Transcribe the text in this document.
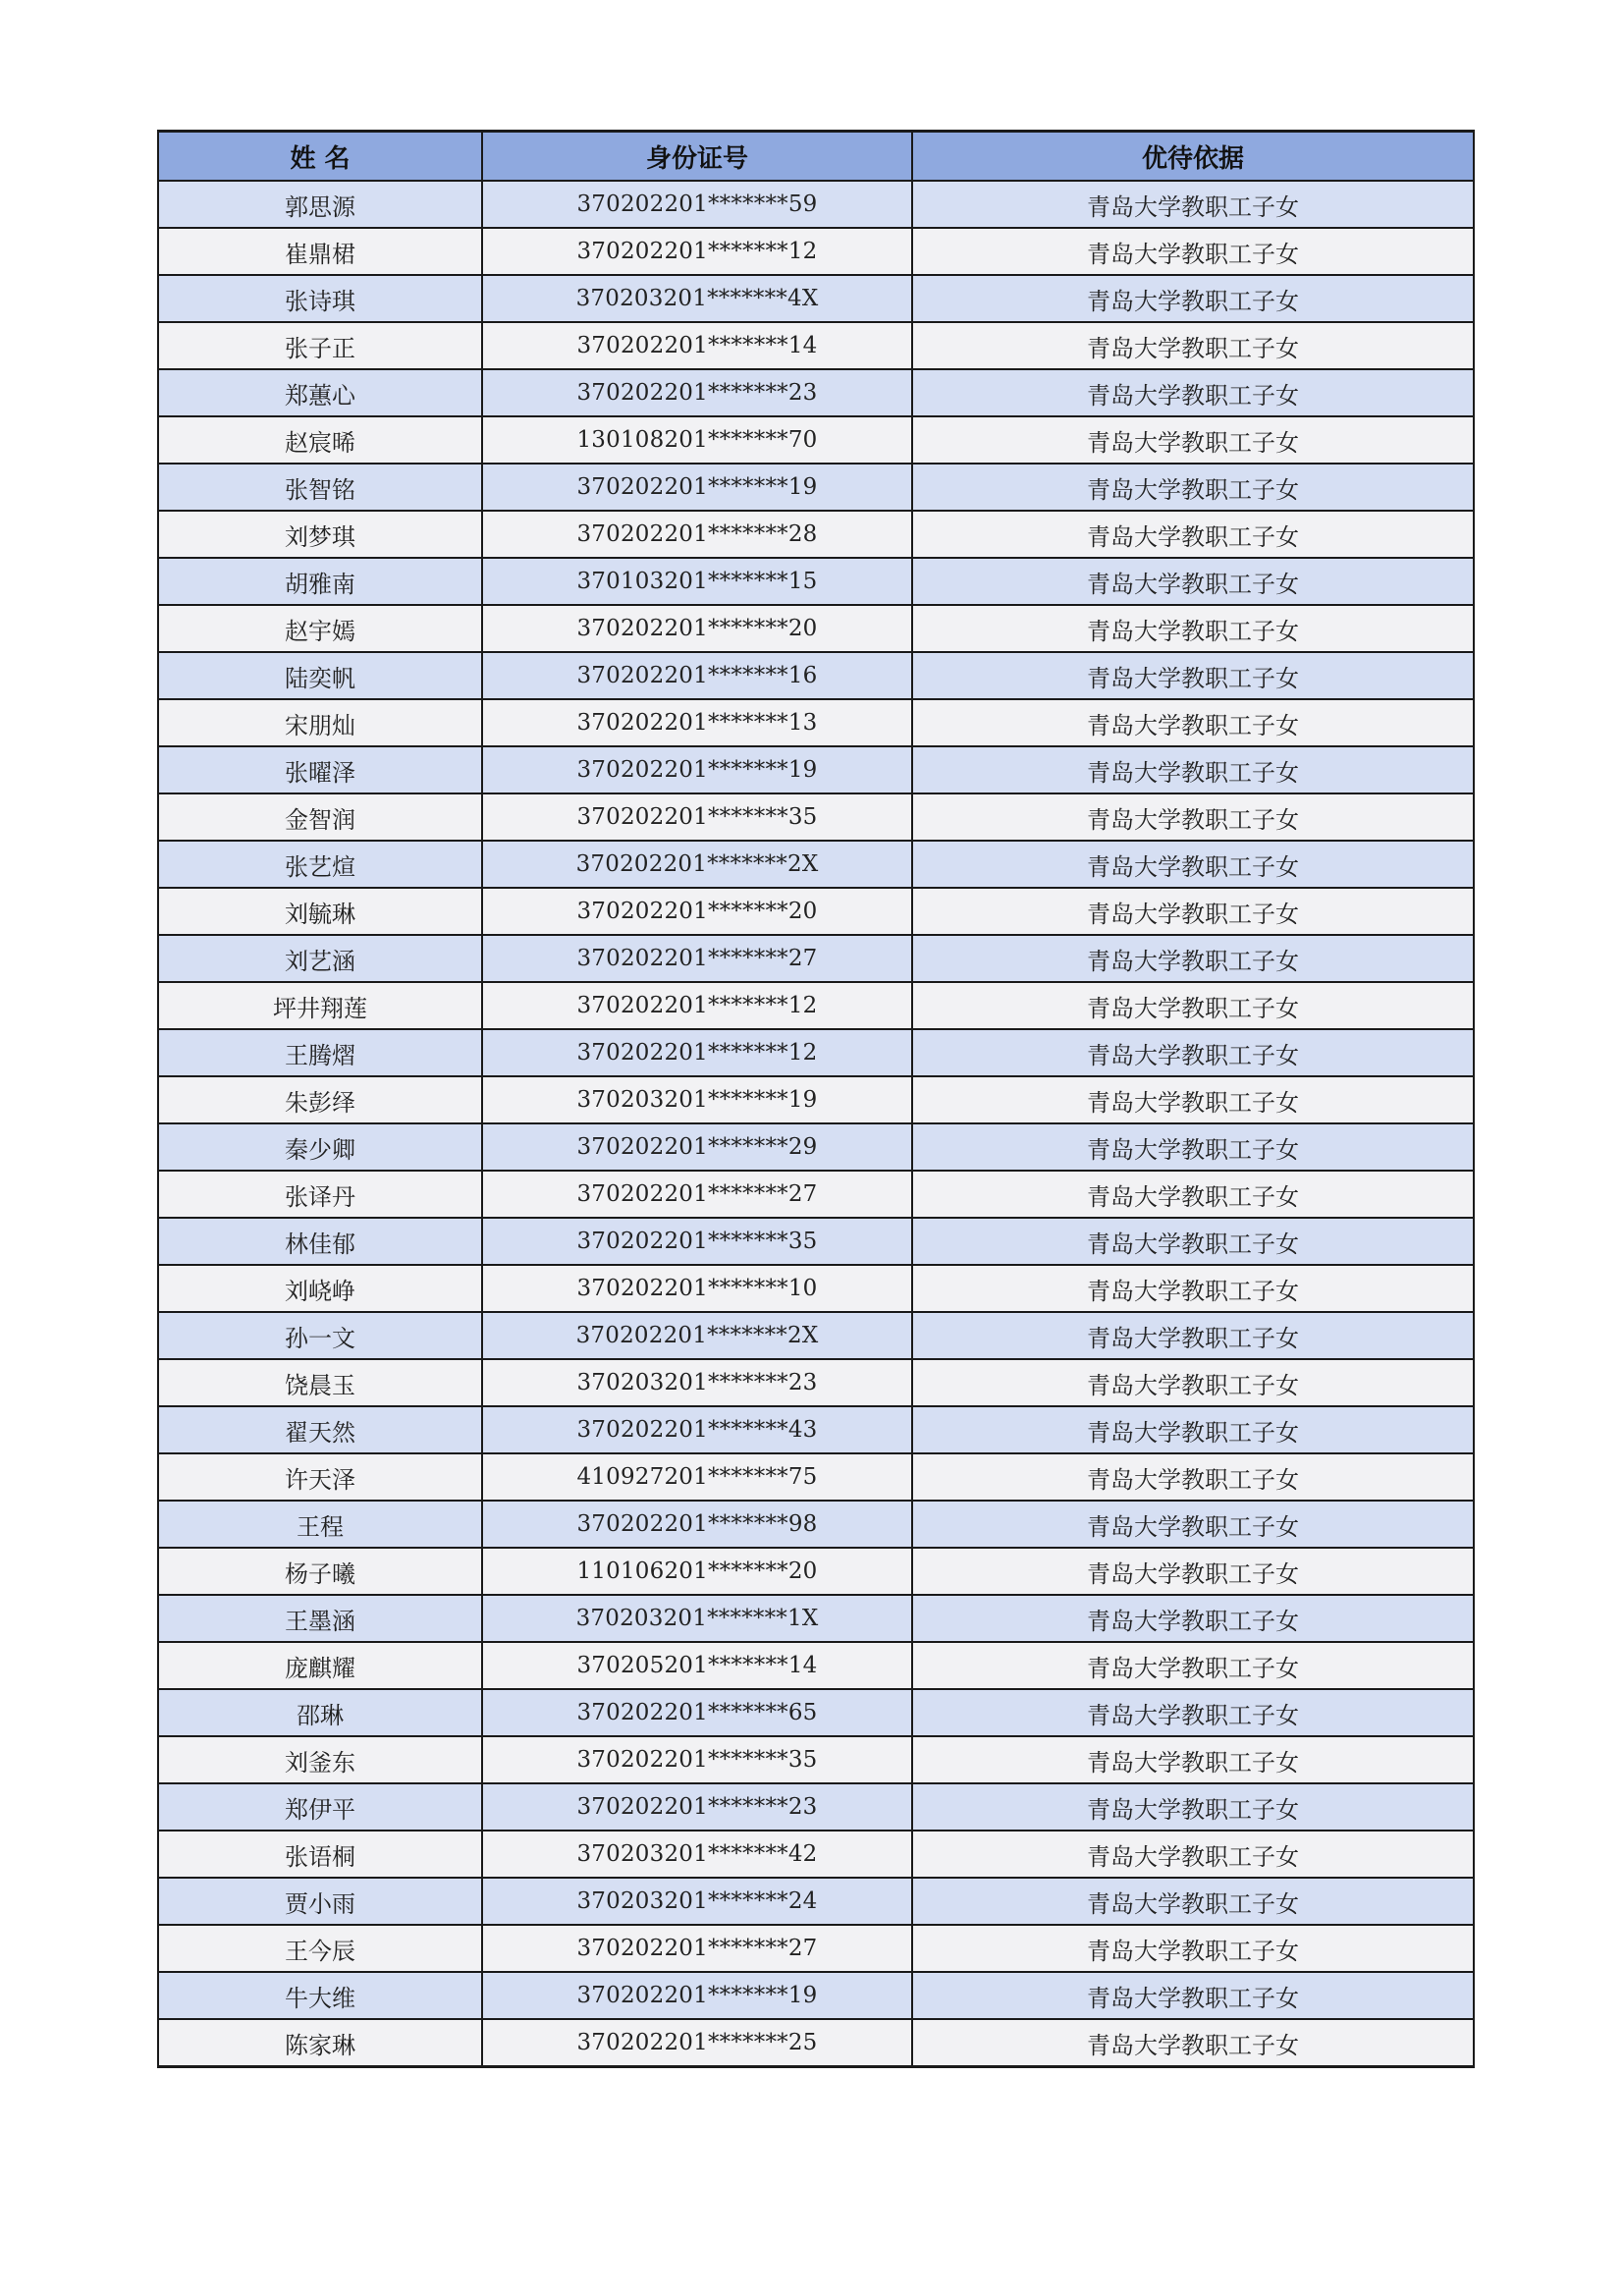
姓 名	身份证号	优待依据
郭思源	370202201*******59	青岛大学教职工子女
崔鼎桾	370202201*******12	青岛大学教职工子女
张诗琪	370203201*******4X	青岛大学教职工子女
张子正	370202201*******14	青岛大学教职工子女
郑蕙心	370202201*******23	青岛大学教职工子女
赵宸晞	130108201*******70	青岛大学教职工子女
张智铭	370202201*******19	青岛大学教职工子女
刘梦琪	370202201*******28	青岛大学教职工子女
胡雅南	370103201*******15	青岛大学教职工子女
赵宇嫣	370202201*******20	青岛大学教职工子女
陆奕帆	370202201*******16	青岛大学教职工子女
宋朋灿	370202201*******13	青岛大学教职工子女
张曜泽	370202201*******19	青岛大学教职工子女
金智润	370202201*******35	青岛大学教职工子女
张艺煊	370202201*******2X	青岛大学教职工子女
刘毓琳	370202201*******20	青岛大学教职工子女
刘艺涵	370202201*******27	青岛大学教职工子女
坪井翔莲	370202201*******12	青岛大学教职工子女
王腾熠	370202201*******12	青岛大学教职工子女
朱彭绎	370203201*******19	青岛大学教职工子女
秦少卿	370202201*******29	青岛大学教职工子女
张译丹	370202201*******27	青岛大学教职工子女
林佳郁	370202201*******35	青岛大学教职工子女
刘峣峥	370202201*******10	青岛大学教职工子女
孙一文	370202201*******2X	青岛大学教职工子女
饶晨玉	370203201*******23	青岛大学教职工子女
翟天然	370202201*******43	青岛大学教职工子女
许天泽	410927201*******75	青岛大学教职工子女
王程	370202201*******98	青岛大学教职工子女
杨子曦	110106201*******20	青岛大学教职工子女
王墨涵	370203201*******1X	青岛大学教职工子女
庞麒耀	370205201*******14	青岛大学教职工子女
邵琳	370202201*******65	青岛大学教职工子女
刘釜东	370202201*******35	青岛大学教职工子女
郑伊平	370202201*******23	青岛大学教职工子女
张语桐	370203201*******42	青岛大学教职工子女
贾小雨	370203201*******24	青岛大学教职工子女
王今辰	370202201*******27	青岛大学教职工子女
牛大维	370202201*******19	青岛大学教职工子女
陈家琳	370202201*******25	青岛大学教职工子女
